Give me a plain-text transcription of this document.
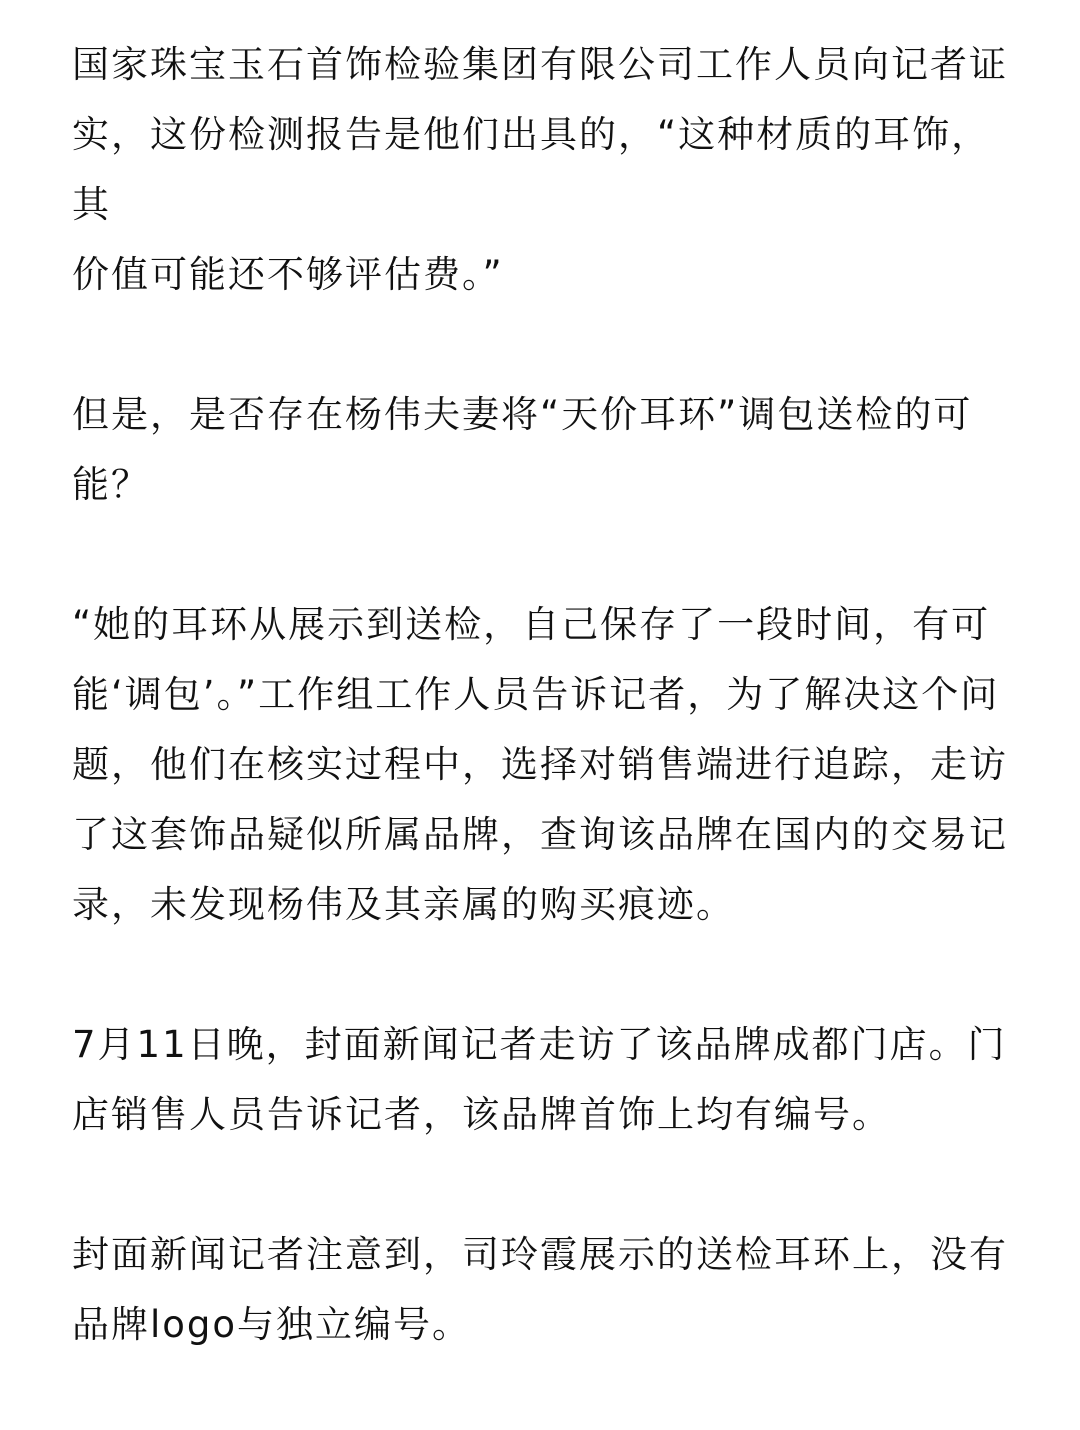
国家珠宝玉石首饰检验集团有限公司工作人员向记者证
实，这份检测报告是他们出具的，“这种材质的耳饰，其
价值可能还不够评估费。”

但是，是否存在杨伟夫妻将“天价耳环”调包送检的可
能？

“她的耳环从展示到送检，自己保存了一段时间，有可
能‘调包’。”工作组工作人员告诉记者，为了解决这个问
题，他们在核实过程中，选择对销售端进行追踪，走访
了这套饰品疑似所属品牌，查询该品牌在国内的交易记
录，未发现杨伟及其亲属的购买痕迹。

7月11日晚，封面新闻记者走访了该品牌成都门店。门
店销售人员告诉记者，该品牌首饰上均有编号。

封面新闻记者注意到，司玲霞展示的送检耳环上，没有
品牌logo与独立编号。
